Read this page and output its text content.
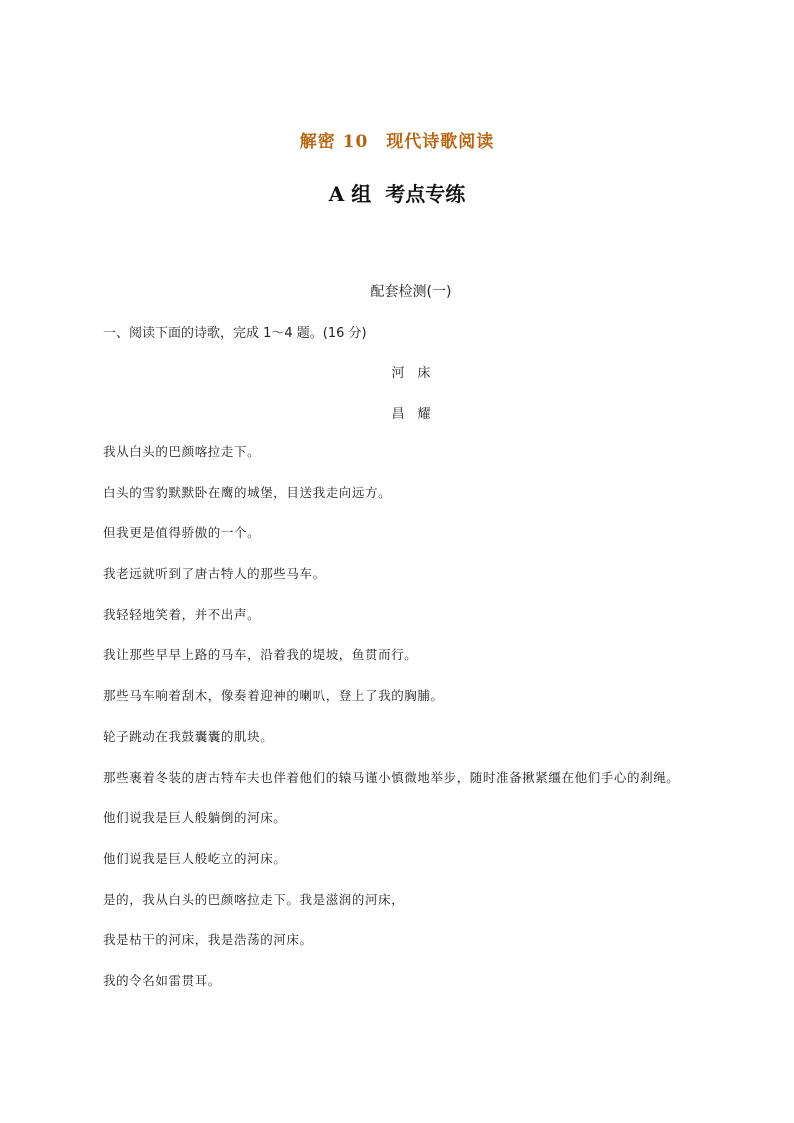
解密 10　现代诗歌阅读
A 组  考点专练
配套检测(一)
一、阅读下面的诗歌，完成 1～4 题。(16 分)
河　床
昌　耀
我从白头的巴颜喀拉走下。
白头的雪豹默默卧在鹰的城堡，目送我走向远方。
但我更是值得骄傲的一个。
我老远就听到了唐古特人的那些马车。
我轻轻地笑着，并不出声。
我让那些早早上路的马车，沿着我的堤坡，鱼贯而行。
那些马车响着刮木，像奏着迎神的喇叭，登上了我的胸脯。
轮子跳动在我鼓囊囊的肌块。
那些裹着冬装的唐古特车夫也伴着他们的辕马谨小慎微地举步，随时准备揪紧缰在他们手心的刹绳。
他们说我是巨人般躺倒的河床。
他们说我是巨人般屹立的河床。
是的，我从白头的巴颜喀拉走下。我是滋润的河床，
我是枯干的河床，我是浩荡的河床。
我的令名如雷贯耳。
